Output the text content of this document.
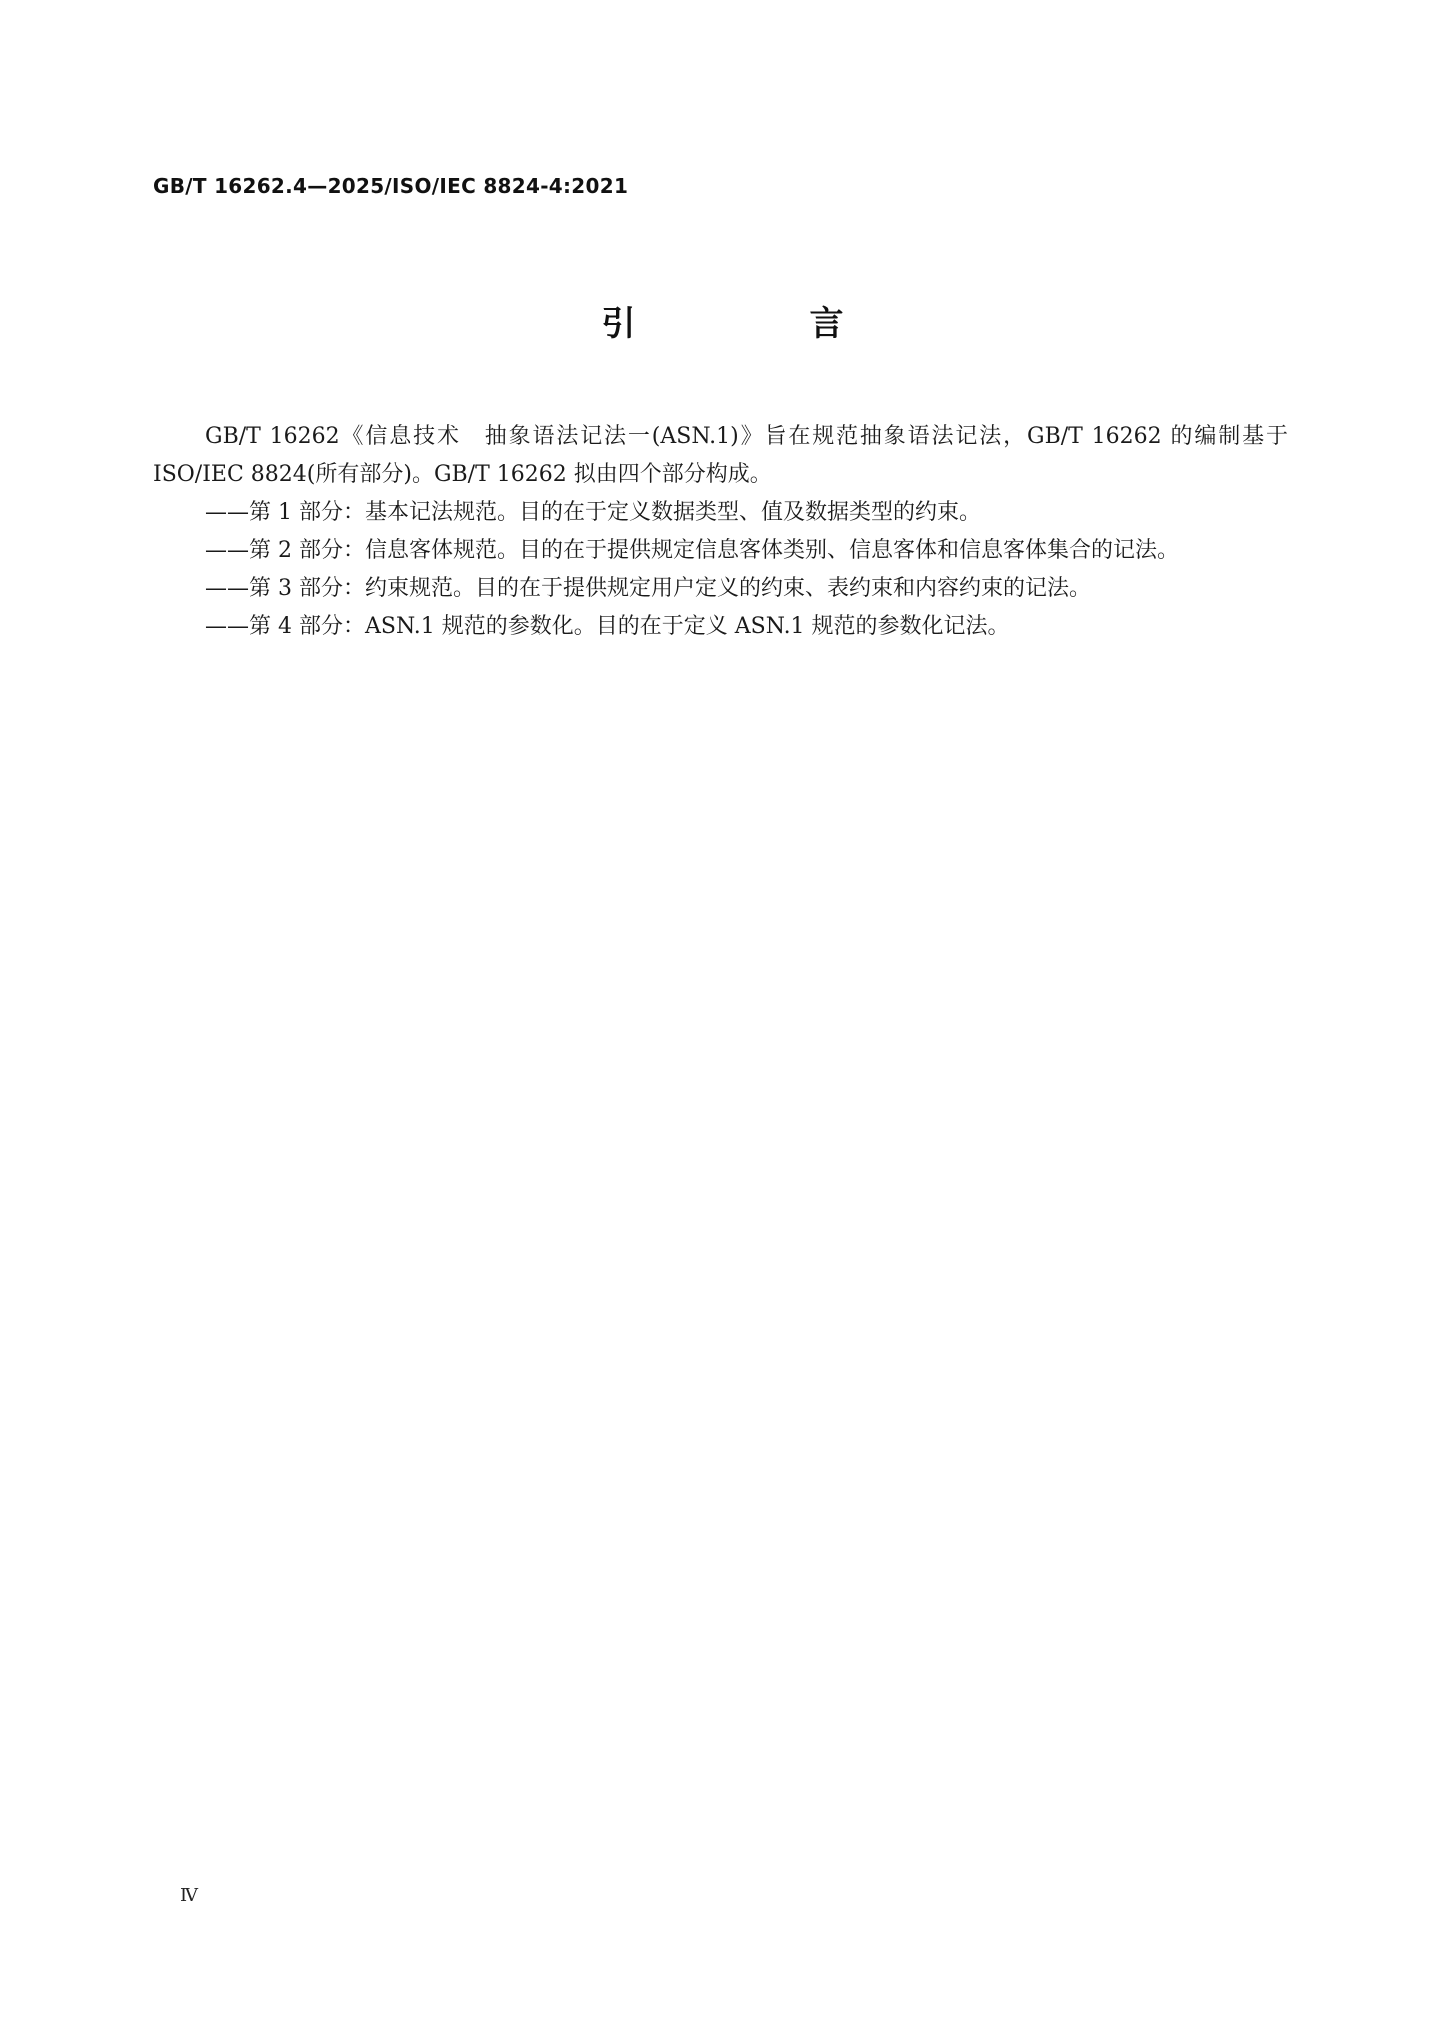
GB/T 16262.4—2025/ISO/IEC 8824-4:2021
引　言

GB/T 16262《信息技术　抽象语法记法一(ASN.1)》旨在规范抽象语法记法，GB/T 16262 的编制基于 ISO/IEC 8824(所有部分)。GB/T 16262 拟由四个部分构成。

——第 1 部分：基本记法规范。目的在于定义数据类型、值及数据类型的约束。

——第 2 部分：信息客体规范。目的在于提供规定信息客体类别、信息客体和信息客体集合的记法。

——第 3 部分：约束规范。目的在于提供规定用户定义的约束、表约束和内容约束的记法。

——第 4 部分：ASN.1 规范的参数化。目的在于定义 ASN.1 规范的参数化记法。

Ⅳ
